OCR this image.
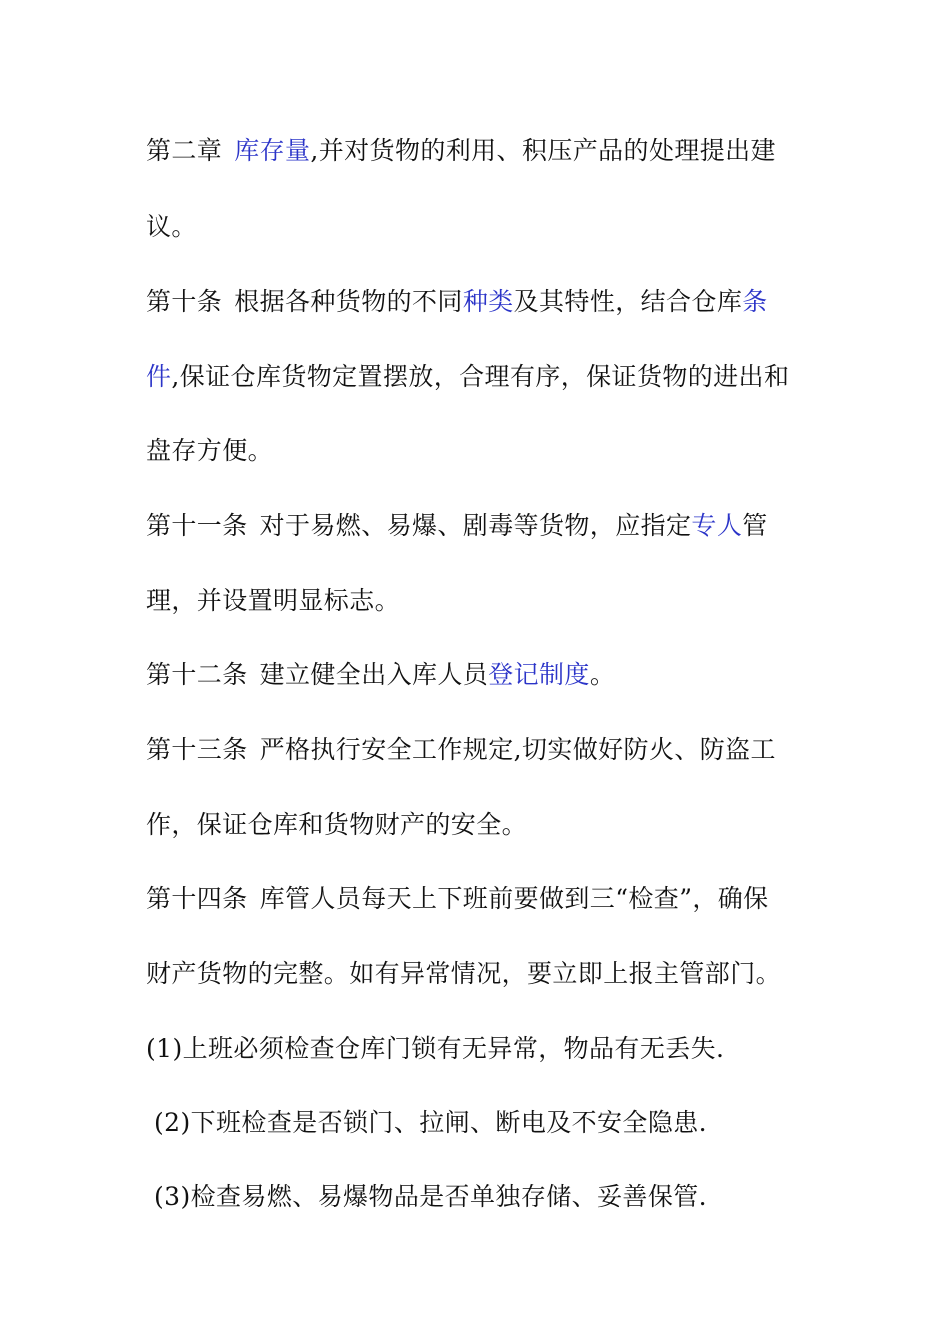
第二章 库存量,并对货物的利用、积压产品的处理提出建
议。
第十条 根据各种货物的不同种类及其特性，结合仓库条
件,保证仓库货物定置摆放，合理有序，保证货物的进出和
盘存方便。
第十一条 对于易燃、易爆、剧毒等货物，应指定专人管
理，并设置明显标志。
第十二条 建立健全出入库人员登记制度。
第十三条 严格执行安全工作规定,切实做好防火、防盗工
作，保证仓库和货物财产的安全。
第十四条 库管人员每天上下班前要做到三“检查”，确保
财产货物的完整。如有异常情况，要立即上报主管部门。
(1)上班必须检查仓库门锁有无异常，物品有无丢失.
(2)下班检查是否锁门、拉闸、断电及不安全隐患.
(3)检查易燃、易爆物品是否单独存储、妥善保管.
